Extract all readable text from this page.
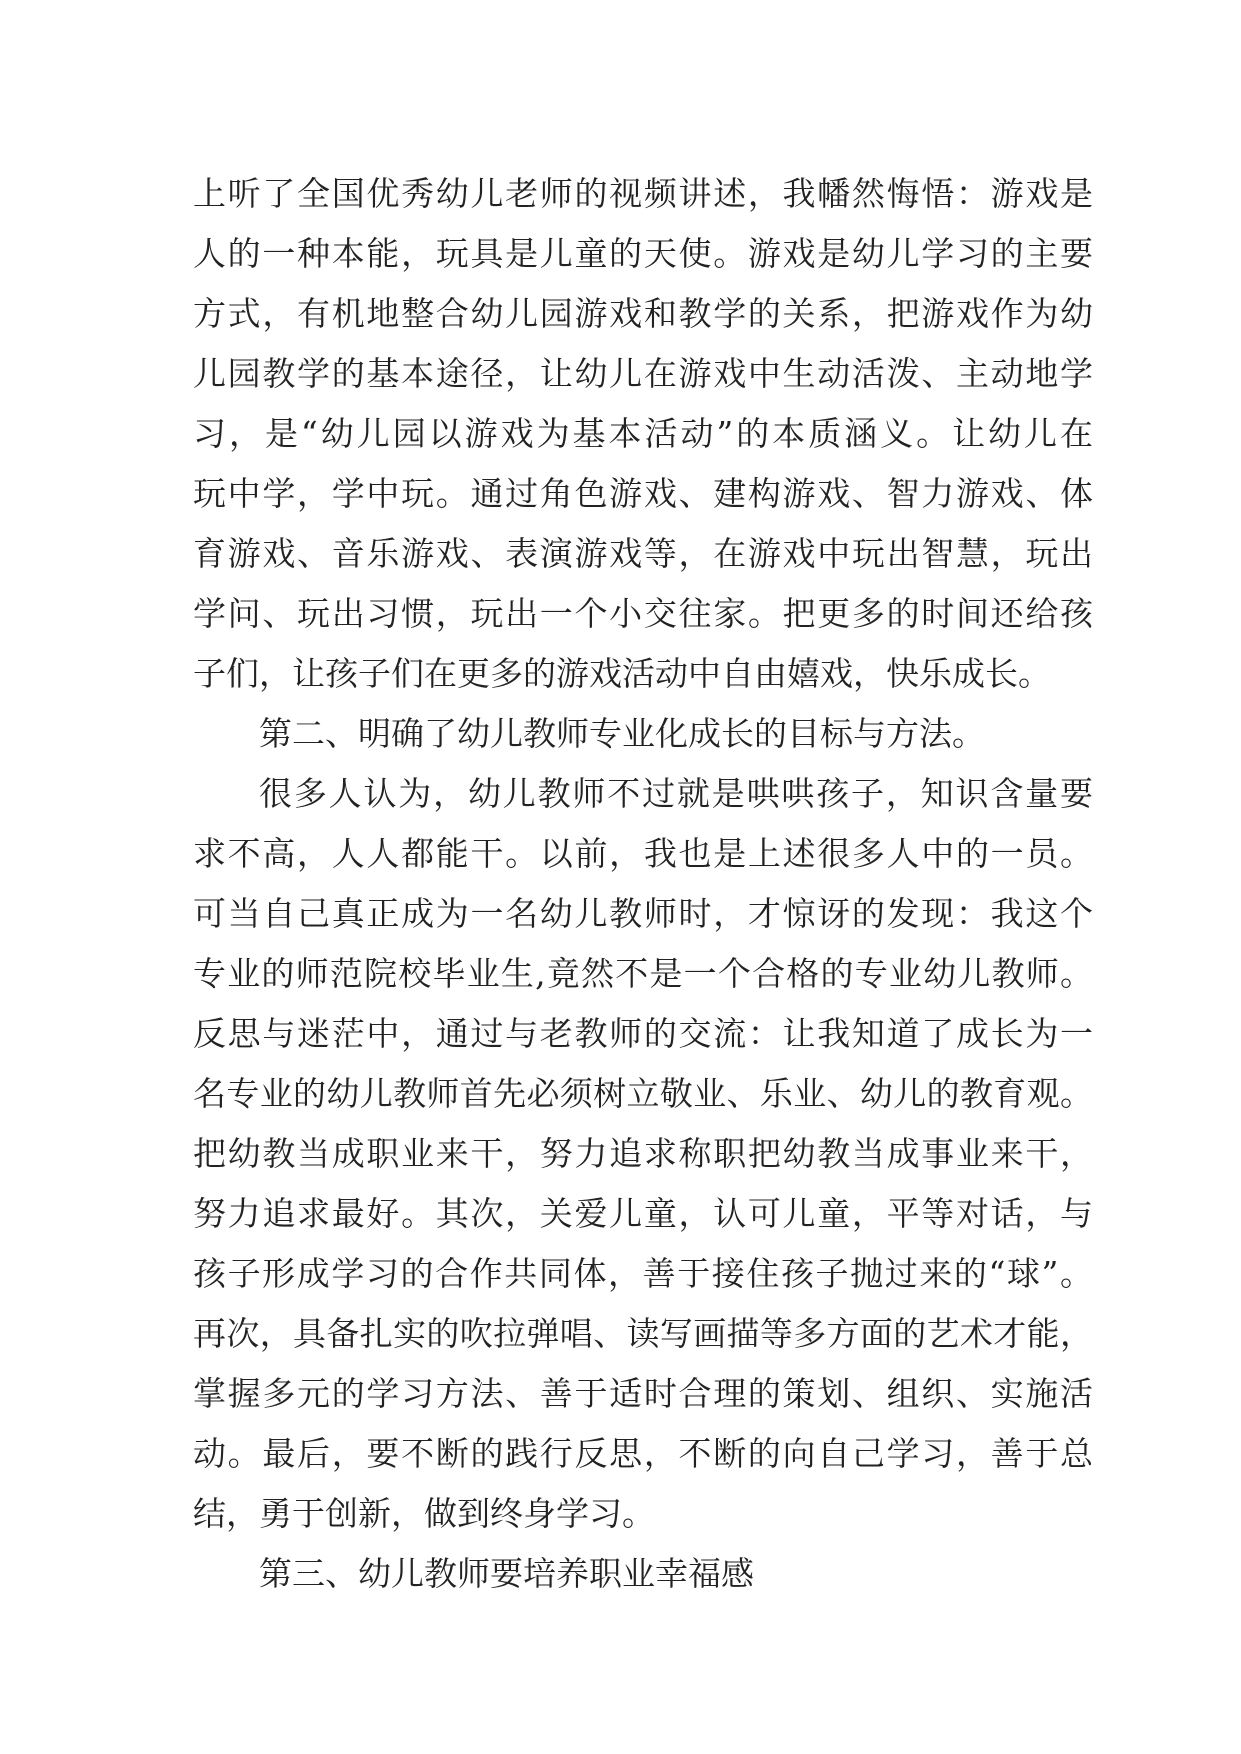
上听了全国优秀幼儿老师的视频讲述，我幡然悔悟：游戏是
人的一种本能，玩具是儿童的天使。游戏是幼儿学习的主要
方式，有机地整合幼儿园游戏和教学的关系，把游戏作为幼
儿园教学的基本途径，让幼儿在游戏中生动活泼、主动地学
习，是“幼儿园以游戏为基本活动”的本质涵义。让幼儿在
玩中学，学中玩。通过角色游戏、建构游戏、智力游戏、体
育游戏、音乐游戏、表演游戏等，在游戏中玩出智慧，玩出
学问、玩出习惯，玩出一个小交往家。把更多的时间还给孩
子们，让孩子们在更多的游戏活动中自由嬉戏，快乐成长。
第二、明确了幼儿教师专业化成长的目标与方法。
很多人认为，幼儿教师不过就是哄哄孩子，知识含量要
求不高，人人都能干。以前，我也是上述很多人中的一员。
可当自己真正成为一名幼儿教师时，才惊讶的发现：我这个
专业的师范院校毕业生,竟然不是一个合格的专业幼儿教师。
反思与迷茫中，通过与老教师的交流：让我知道了成长为一
名专业的幼儿教师首先必须树立敬业、乐业、幼儿的教育观。
把幼教当成职业来干，努力追求称职把幼教当成事业来干，
努力追求最好。其次，关爱儿童，认可儿童，平等对话，与
孩子形成学习的合作共同体，善于接住孩子抛过来的“球”。
再次，具备扎实的吹拉弹唱、读写画描等多方面的艺术才能，
掌握多元的学习方法、善于适时合理的策划、组织、实施活
动。最后，要不断的践行反思，不断的向自己学习，善于总
结，勇于创新，做到终身学习。
第三、幼儿教师要培养职业幸福感
